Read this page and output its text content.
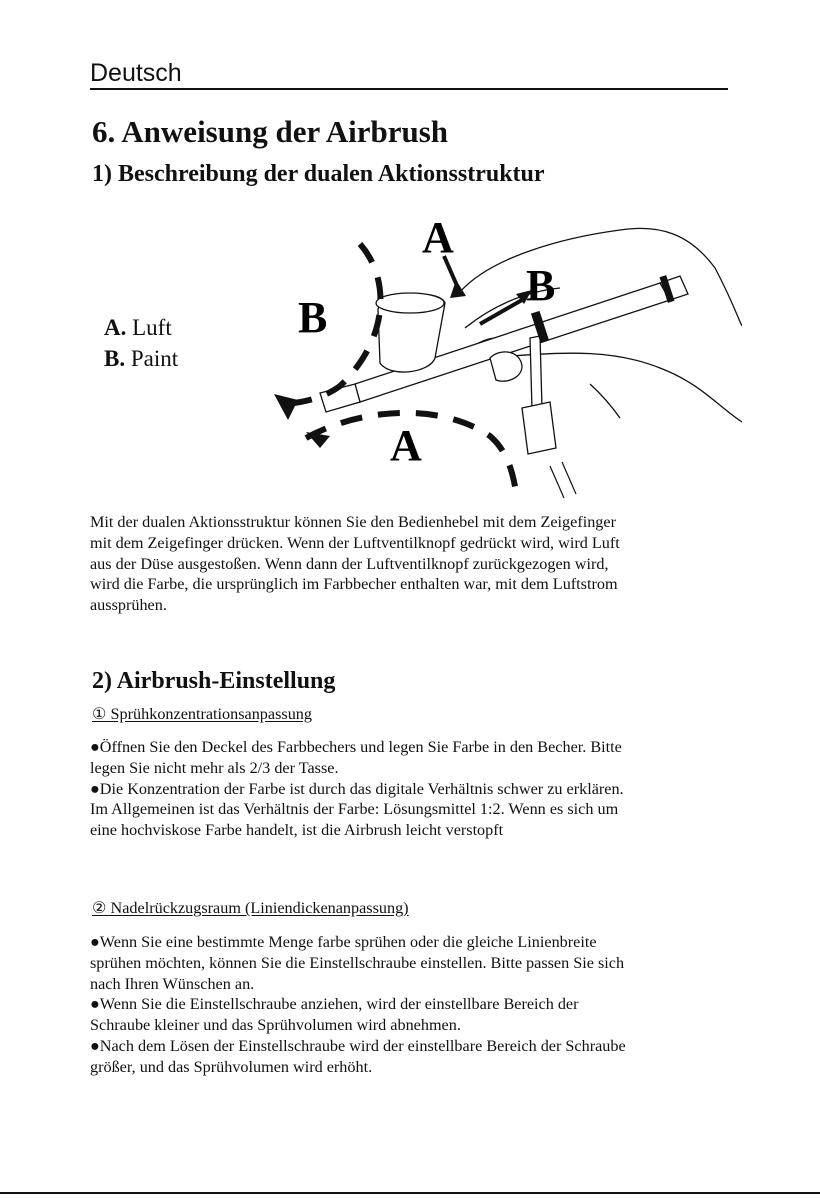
Deutsch
6. Anweisung der Airbrush
1) Beschreibung der dualen Aktionsstruktur
A. Luft
B. Paint
A
B
B
A

Mit der dualen Aktionsstruktur können Sie den Bedienhebel mit dem Zeigefinger

mit dem Zeigefinger drücken. Wenn der Luftventilknopf gedrückt wird, wird Luft

aus der Düse ausgestoßen. Wenn dann der Luftventilknopf zurückgezogen wird,

wird die Farbe, die ursprünglich im Farbbecher enthalten war, mit dem Luftstrom

aussprühen.

2) Airbrush-Einstellung
① Sprühkonzentrationsanpassung

●Öffnen Sie den Deckel des Farbbechers und legen Sie Farbe in den Becher. Bitte

legen Sie nicht mehr als 2/3 der Tasse.

●Die Konzentration der Farbe ist durch das digitale Verhältnis schwer zu erklären.

Im Allgemeinen ist das Verhältnis der Farbe: Lösungsmittel 1:2. Wenn es sich um

eine hochviskose Farbe handelt, ist die Airbrush leicht verstopft

② Nadelrückzugsraum (Liniendickenanpassung)

●Wenn Sie eine bestimmte Menge farbe sprühen oder die gleiche Linienbreite

sprühen möchten, können Sie die Einstellschraube einstellen. Bitte passen Sie sich

nach Ihren Wünschen an.

●Wenn Sie die Einstellschraube anziehen, wird der einstellbare Bereich der

Schraube kleiner und das Sprühvolumen wird abnehmen.

●Nach dem Lösen der Einstellschraube wird der einstellbare Bereich der Schraube

größer, und das Sprühvolumen wird erhöht.
